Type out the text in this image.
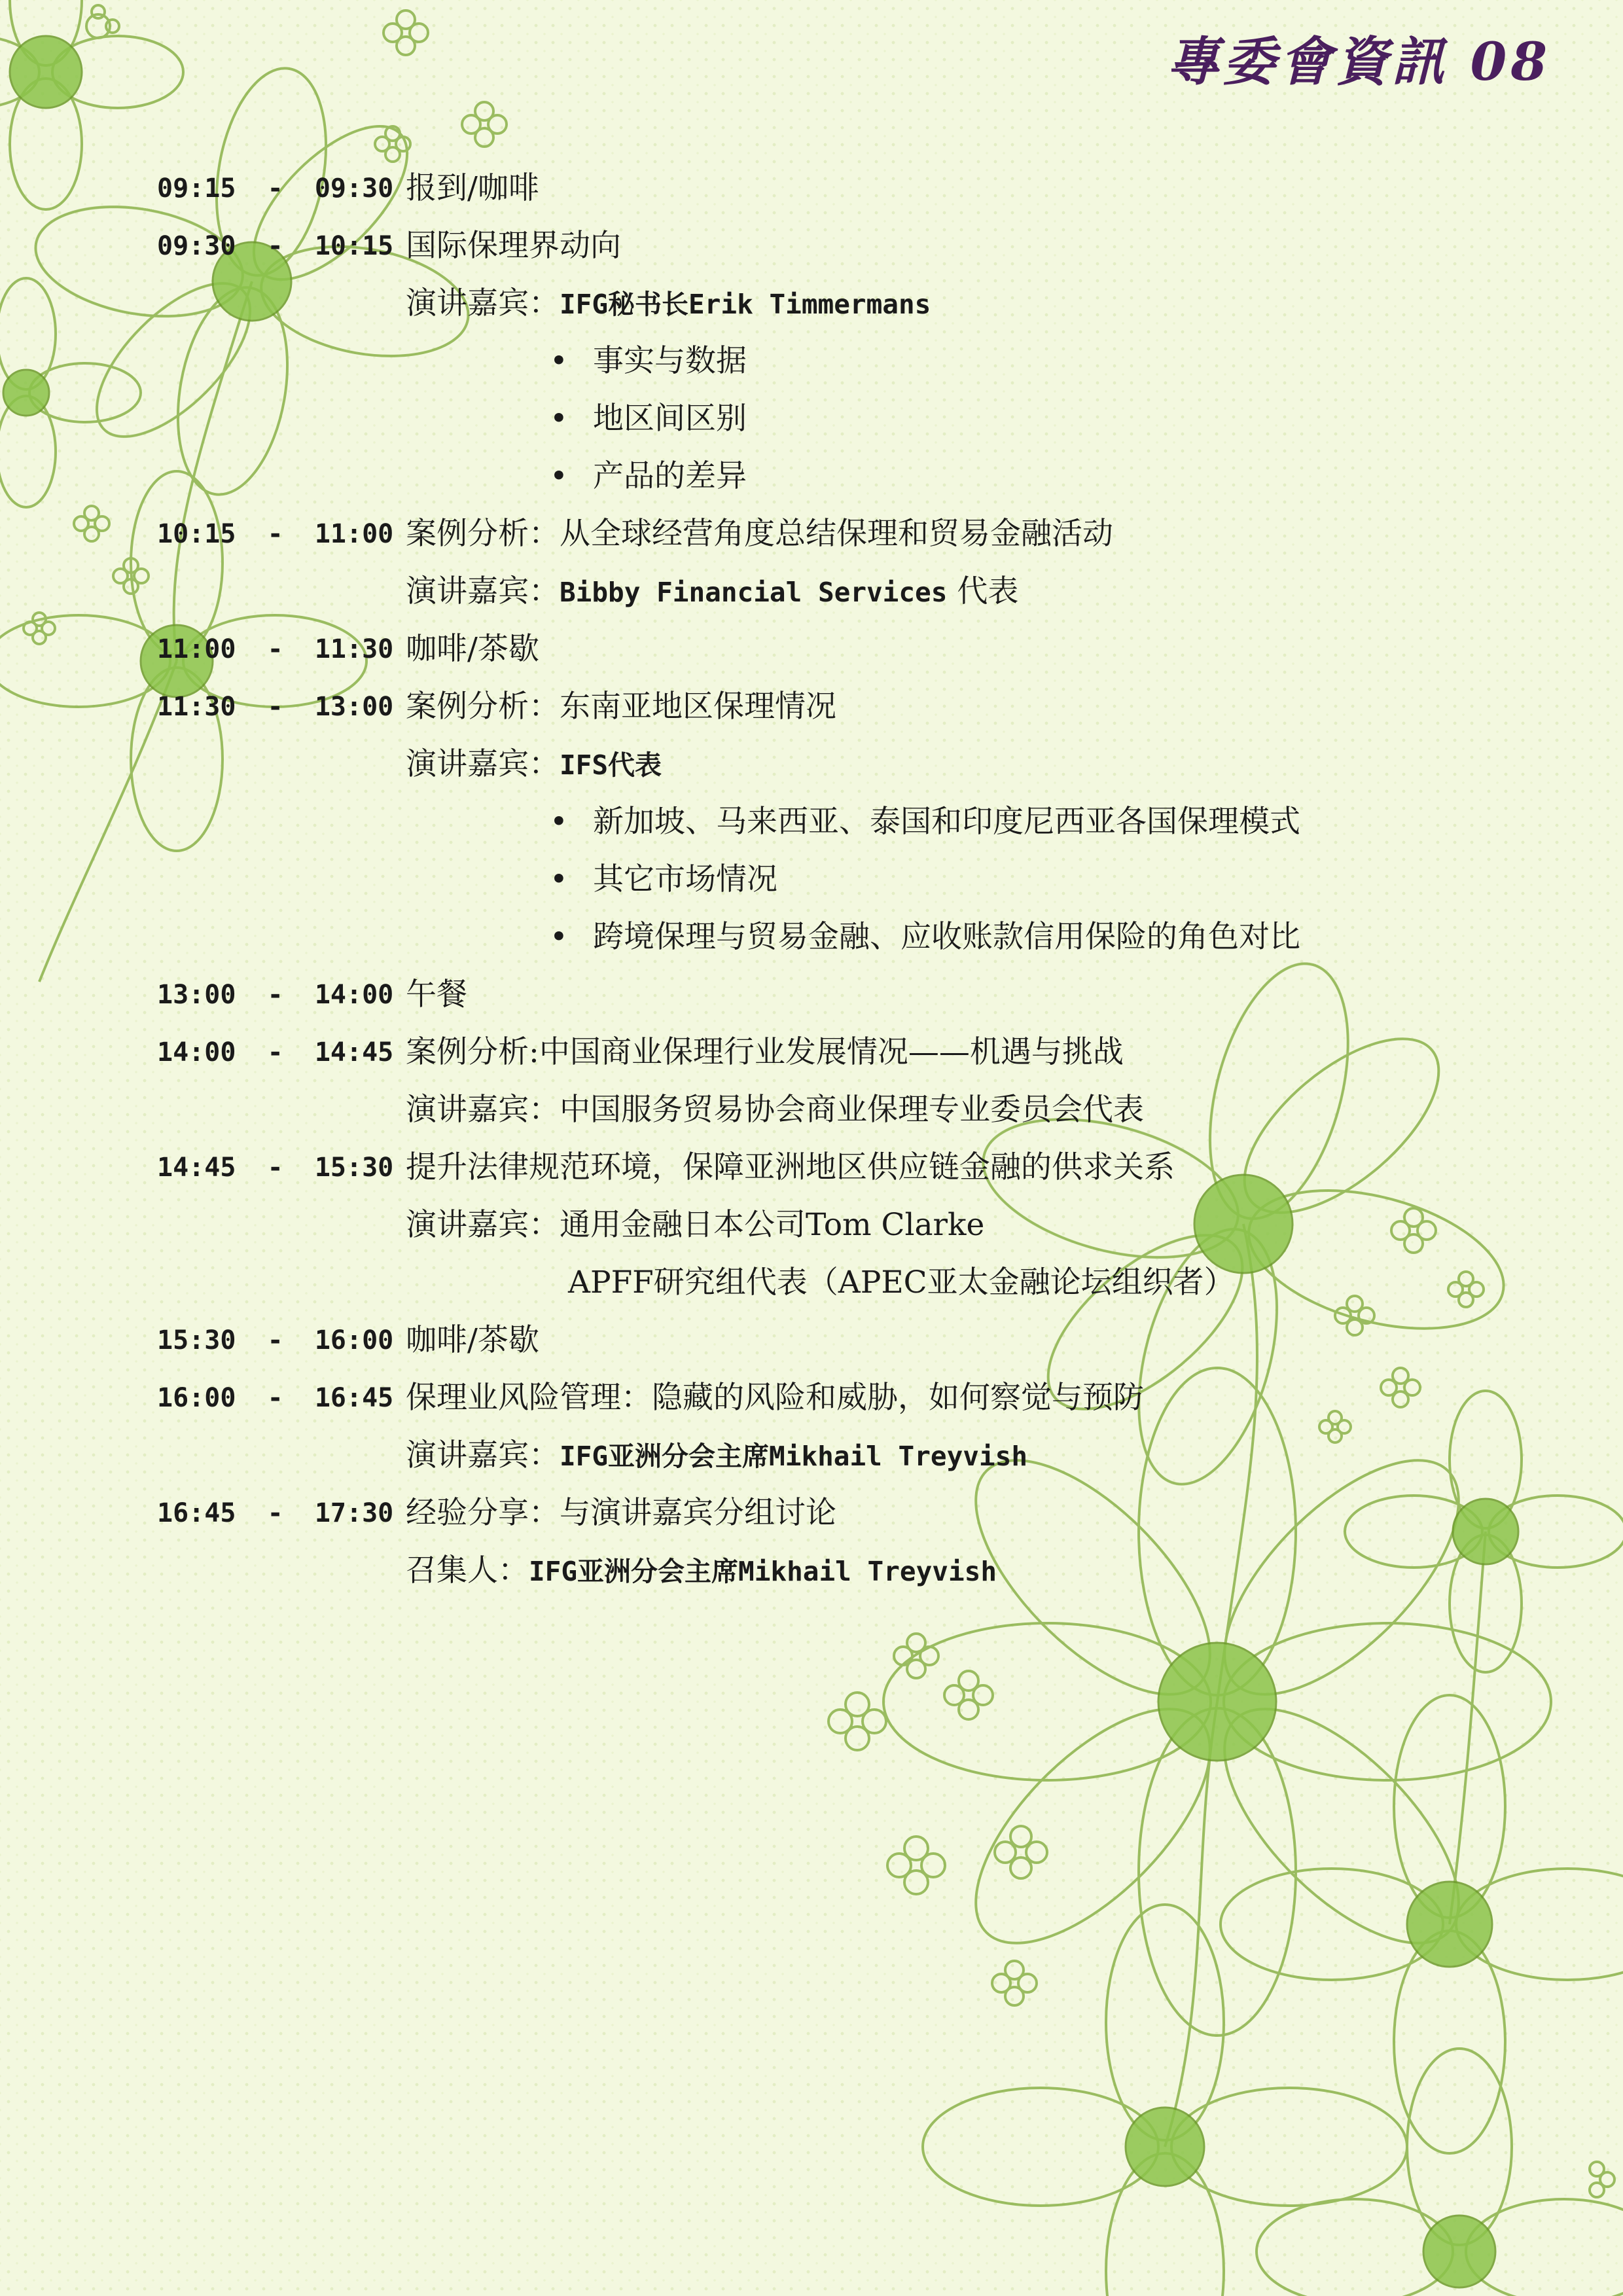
專委會資訊 08
09:15  -  09:30 报到/咖啡
09:30  -  10:15 国际保理界动向
演讲嘉宾：IFG秘书长Erik Timmermans
• 事实与数据
• 地区间区别
• 产品的差异
10:15  -  11:00 案例分析：从全球经营角度总结保理和贸易金融活动
演讲嘉宾：Bibby Financial Services 代表
11:00  -  11:30 咖啡/茶歇
11:30  -  13:00 案例分析：东南亚地区保理情况
演讲嘉宾：IFS代表
• 新加坡、马来西亚、泰国和印度尼西亚各国保理模式
• 其它市场情况
• 跨境保理与贸易金融、应收账款信用保险的角色对比
13:00  -  14:00 午餐
14:00  -  14:45 案例分析:中国商业保理行业发展情况——机遇与挑战
演讲嘉宾：中国服务贸易协会商业保理专业委员会代表
14:45  -  15:30 提升法律规范环境，保障亚洲地区供应链金融的供求关系
演讲嘉宾：通用金融日本公司Tom Clarke
APFF研究组代表（APEC亚太金融论坛组织者）
15:30  -  16:00 咖啡/茶歇
16:00  -  16:45 保理业风险管理：隐藏的风险和威胁，如何察觉与预防
演讲嘉宾：IFG亚洲分会主席Mikhail Treyvish
16:45  -  17:30 经验分享：与演讲嘉宾分组讨论
召集人：IFG亚洲分会主席Mikhail Treyvish
